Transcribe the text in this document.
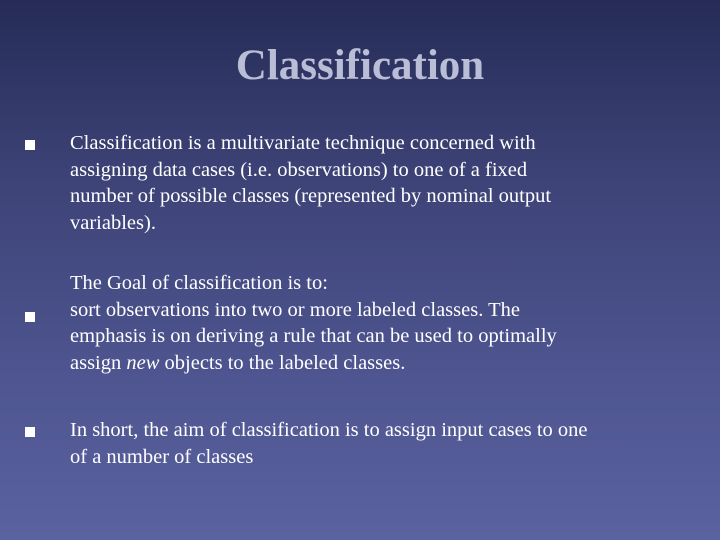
Classification
Classification is a multivariate technique concerned with
assigning data cases (i.e. observations) to one of a fixed
number of possible classes (represented by nominal output
variables).
The Goal of classification is to:
sort observations into two or more labeled classes. The
emphasis is on deriving a rule that can be used to optimally
assign new objects to the labeled classes.
In short, the aim of classification is to assign input cases to one
of a number of classes
